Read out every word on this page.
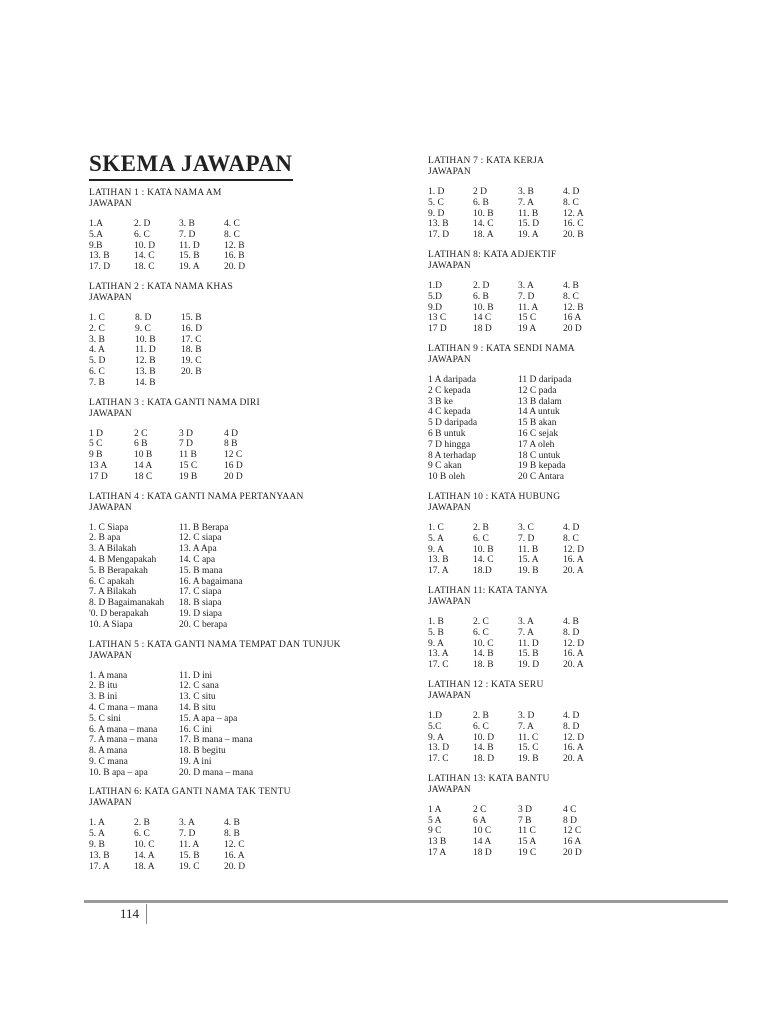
SKEMA JAWAPAN
LATIHAN 1 : KATA NAMA AM
JAWAPAN
1.A	2. D	3. B	4. C
5.A	6. C	7. D	8. C
9.B	10. D	11. D	12. B
13. B	14. C	15. B	16. B
17. D	18. C	19. A	20. D
LATIHAN 2 : KATA NAMA KHAS
JAWAPAN
1. C	8. D	15. B
2. C	9. C	16. D
3. B	10. B	17. C
4. A	11. D	18. B
5. D	12. B	19. C
6. C	13. B	20. B
7. B	14. B
LATIHAN 3 : KATA GANTI NAMA DIRI
JAWAPAN
1 D	2 C	3 D	4 D
5 C	6 B	7 D	8 B
9 B	10 B	11 B	12 C
13 A	14 A	15 C	16 D
17 D	18 C	19 B	20 D
LATIHAN 4 : KATA GANTI NAMA PERTANYAAN
JAWAPAN
1. C Siapa	11. B Berapa
2. B apa	12. C siapa
3. A Bilakah	13. A Apa
4. B Mengapakah	14. C apa
5. B Berapakah	15. B mana
6. C apakah	16. A bagaimana
7. A Bilakah	17. C siapa
8. D Bagaimanakah	18. B siapa
'0. D berapakah	19. D siapa
10. A Siapa	20. C berapa
LATIHAN 5 : KATA GANTI NAMA TEMPAT DAN TUNJUK
JAWAPAN
1. A mana	11. D ini
2. B itu	12. C sana
3. B ini	13. C situ
4. C mana – mana	14. B situ
5. C sini	15. A apa – apa
6. A mana – mana	16. C ini
7. A mana – mana	17. B mana – mana
8. A mana	18. B begitu
9. C mana	19. A ini
10. B apa – apa	20. D mana – mana
LATIHAN 6: KATA GANTI NAMA TAK TENTU
JAWAPAN
1. A	2. B	3. A	4. B
5. A	6. C	7. D	8. B
9. B	10. C	11. A	12. C
13. B	14. A	15. B	16. A
17. A	18. A	19. C	20. D
LATIHAN 7 : KATA KERJA
JAWAPAN
1. D	2 D	3. B	4. D
5. C	6. B	7. A	8. C
9. D	10. B	11. B	12. A
13. B	14. C	15. D	16. C
17. D	18. A	19. A	20. B
LATIHAN 8: KATA ADJEKTIF
JAWAPAN
1.D	2. D	3. A	4. B
5.D	6. B	7. D	8. C
9.D	10. B	11. A	12. B
13 C	14 C	15 C	16 A
17 D	18 D	19 A	20 D
LATIHAN 9 : KATA SENDI NAMA
JAWAPAN
1 A daripada	11 D daripada
2 C kepada	12 C pada
3 B ke	13 B dalam
4 C kepada	14 A untuk
5 D daripada	15 B akan
6 B untuk	16 C sejak
7 D hingga	17 A oleh
8 A terhadap	18 C untuk
9 C akan	19 B kepada
10 B oleh	20 C Antara
LATIHAN 10 : KATA HUBUNG
JAWAPAN
1. C	2. B	3. C	4. D
5. A	6. C	7. D	8. C
9. A	10. B	11. B	12. D
13. B	14. C	15. A	16. A
17. A	18.D	19. B	20. A
LATIHAN 11: KATA TANYA
JAWAPAN
1. B	2. C	3. A	4. B
5. B	6. C	7. A	8. D
9. A	10. C	11. D	12. D
13. A	14. B	15. B	16. A
17. C	18. B	19. D	20. A
LATIHAN 12 : KATA SERU
JAWAPAN
1.D	2. B	3. D	4. D
5.C	6. C	7. A	8. D
9. A	10. D	11. C	12. D
13. D	14. B	15. C	16. A
17. C	18. D	19. B	20. A
LATIHAN 13: KATA BANTU
JAWAPAN
1 A	2 C	3 D	4 C
5 A	6 A	7 B	8 D
9 C	10 C	11 C	12 C
13 B	14 A	15 A	16 A
17 A	18 D	19 C	20 D
114
